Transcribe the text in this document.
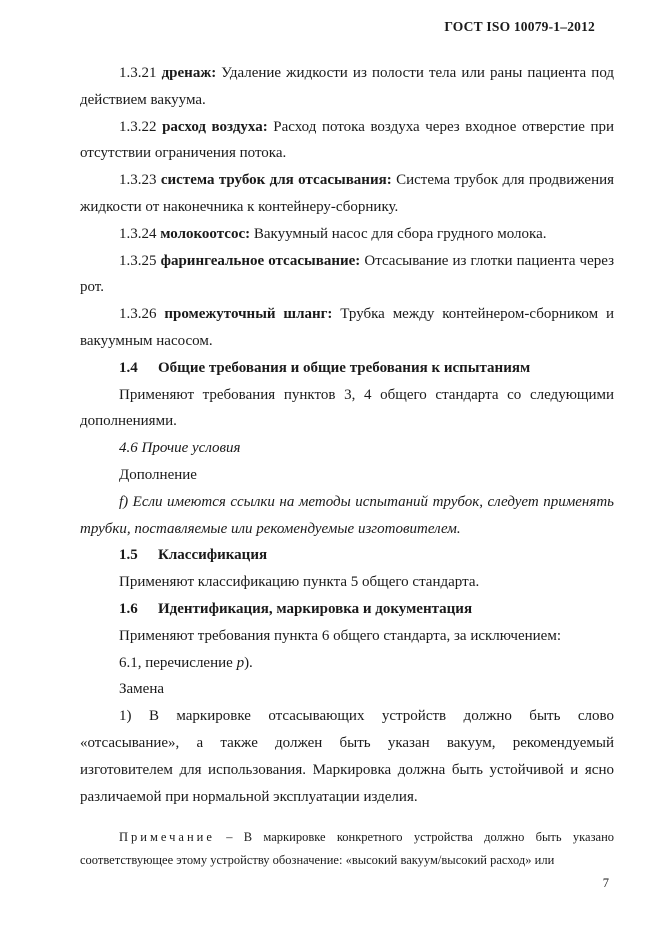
ГОСТ ISO 10079-1–2012

1.3.21 дренаж: Удаление жидкости из полости тела или раны пациента под действием вакуума.

1.3.22 расход воздуха: Расход потока воздуха через входное отверстие при отсутствии ограничения потока.

1.3.23 система трубок для отсасывания: Система трубок для продвижения жидкости от наконечника к контейнеру-сборнику.

1.3.24 молокоотсос: Вакуумный насос для сбора грудного молока.

1.3.25 фарингеальное отсасывание: Отсасывание из глотки пациента через рот.

1.3.26 промежуточный шланг: Трубка между контейнером-сборником и вакуумным насосом.

1.4 Общие требования и общие требования к испытаниям

Применяют требования пунктов 3, 4 общего стандарта со следующими дополнениями.

4.6 Прочие условия

Дополнение

f) Если имеются ссылки на методы испытаний трубок, следует применять трубки, поставляемые или рекомендуемые изготовителем.

1.5 Классификация

Применяют классификацию пункта 5 общего стандарта.

1.6 Идентификация, маркировка и документация

Применяют требования пункта 6 общего стандарта, за исключением:

6.1, перечисление p).

Замена

1) В маркировке отсасывающих устройств должно быть слово «отсасывание», а также должен быть указан вакуум, рекомендуемый изготовителем для использования. Маркировка должна быть устойчивой и ясно различаемой при нормальной эксплуатации изделия.

Примечание – В маркировке конкретного устройства должно быть указано соответствующее этому устройству обозначение: «высокий вакуум/высокий расход» или

7
